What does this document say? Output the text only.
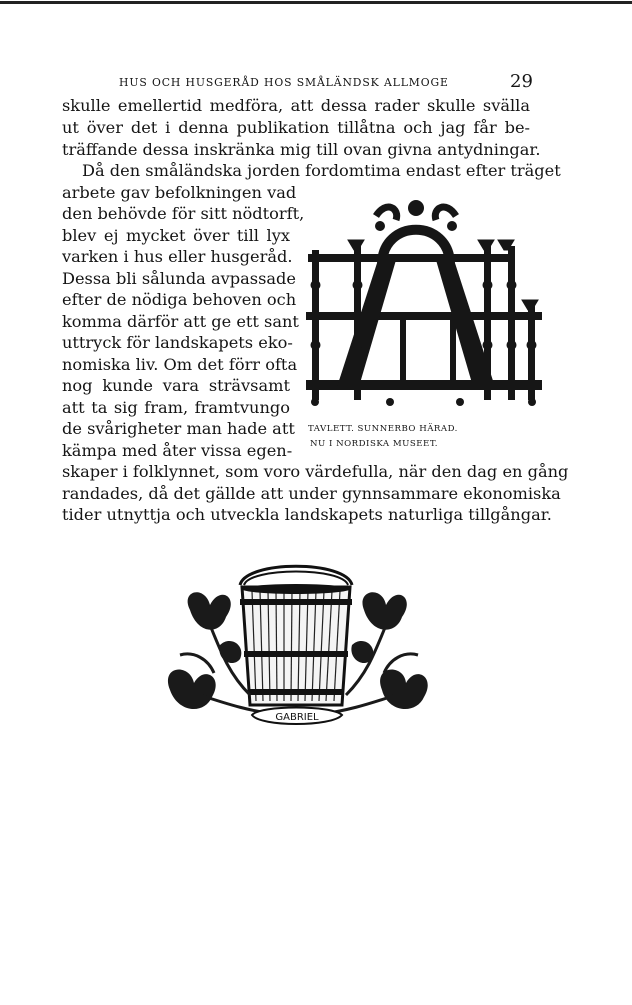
HUS OCH HUSGERÅD HOS SMÅLÄNDSK ALLMOGE	29
skulle emellertid medföra, att dessa rader skulle svälla
ut över det i denna publikation tillåtna och jag får be-
träffande dessa inskränka mig till ovan givna antydningar.
Då den småländska jorden fordomtima endast efter träget
arbete gav befolkningen vad
den behövde för sitt nödtorft,
blev ej mycket över till lyx
varken i hus eller husgeråd.
Dessa bli sålunda avpassade
efter de nödiga behoven och
komma därför att ge ett sant
uttryck för landskapets eko-
nomiska liv. Om det förr ofta
nog kunde vara strävsamt
att ta sig fram, framtvungo
de svårigheter man hade att
kämpa med åter vissa egen-
skaper i folklynnet, som voro värdefulla, när den dag en gång
randades, då det gällde att under gynnsammare ekonomiska
tider utnyttja och utveckla landskapets naturliga tillgångar.
TAVLETT. SUNNERBO HÄRAD.
NU I NORDISKA MUSEET.
GABRIEL
